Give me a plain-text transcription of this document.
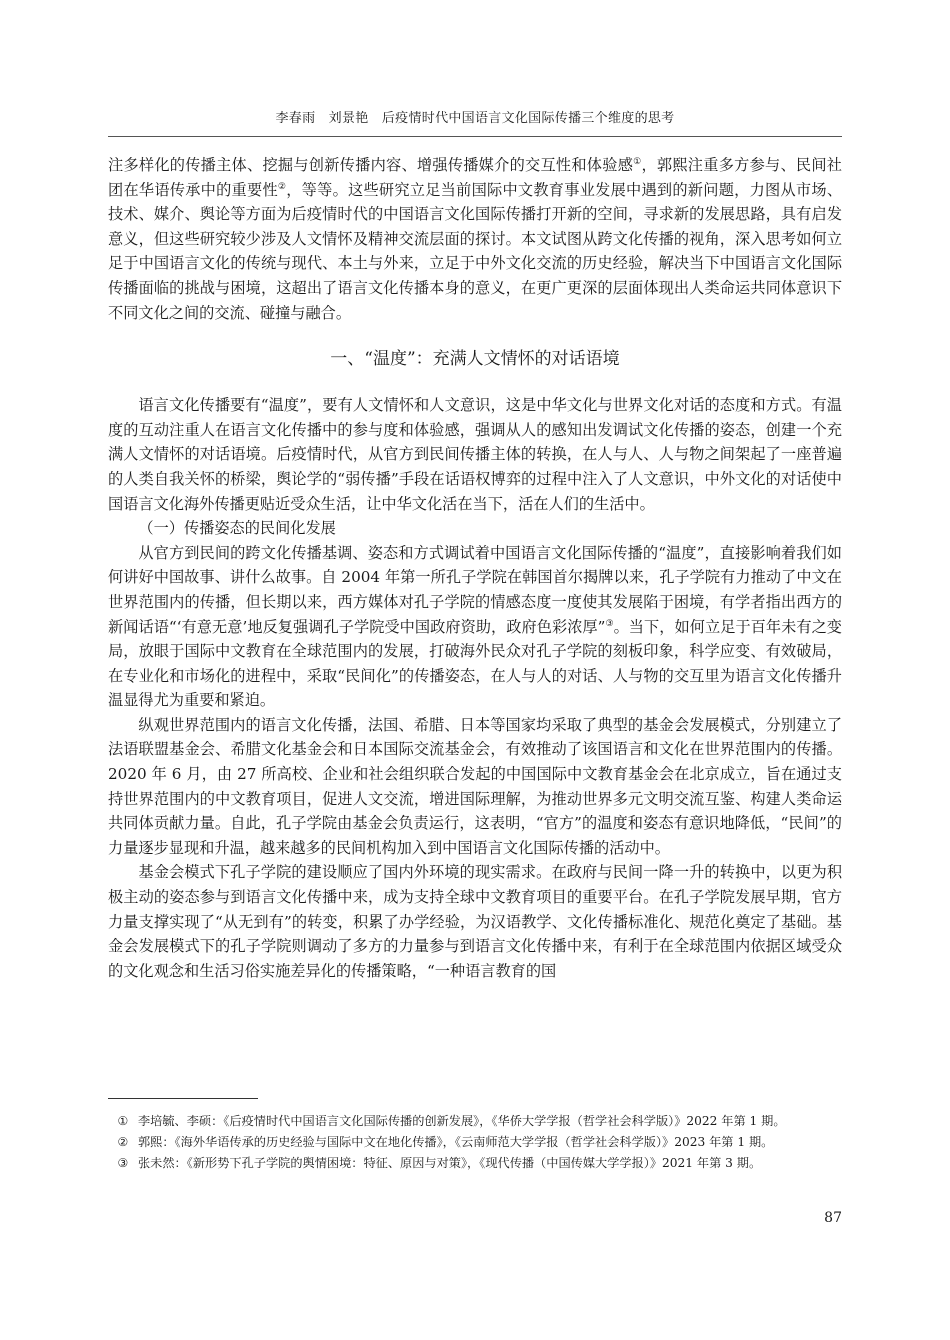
李春雨　刘景艳　后疫情时代中国语言文化国际传播三个维度的思考

注多样化的传播主体、挖掘与创新传播内容、增强传播媒介的交互性和体验感①，郭熙注重多方参与、民间社团在华语传承中的重要性②，等等。这些研究立足当前国际中文教育事业发展中遇到的新问题，力图从市场、技术、媒介、舆论等方面为后疫情时代的中国语言文化国际传播打开新的空间，寻求新的发展思路，具有启发意义，但这些研究较少涉及人文情怀及精神交流层面的探讨。本文试图从跨文化传播的视角，深入思考如何立足于中国语言文化的传统与现代、本土与外来，立足于中外文化交流的历史经验，解决当下中国语言文化国际传播面临的挑战与困境，这超出了语言文化传播本身的意义，在更广更深的层面体现出人类命运共同体意识下不同文化之间的交流、碰撞与融合。

一、“温度”：充满人文情怀的对话语境

语言文化传播要有“温度”，要有人文情怀和人文意识，这是中华文化与世界文化对话的态度和方式。有温度的互动注重人在语言文化传播中的参与度和体验感，强调从人的感知出发调试文化传播的姿态，创建一个充满人文情怀的对话语境。后疫情时代，从官方到民间传播主体的转换，在人与人、人与物之间架起了一座普遍的人类自我关怀的桥梁，舆论学的“弱传播”手段在话语权博弈的过程中注入了人文意识，中外文化的对话使中国语言文化海外传播更贴近受众生活，让中华文化活在当下，活在人们的生活中。

（一）传播姿态的民间化发展

从官方到民间的跨文化传播基调、姿态和方式调试着中国语言文化国际传播的“温度”，直接影响着我们如何讲好中国故事、讲什么故事。自 2004 年第一所孔子学院在韩国首尔揭牌以来，孔子学院有力推动了中文在世界范围内的传播，但长期以来，西方媒体对孔子学院的情感态度一度使其发展陷于困境，有学者指出西方的新闻话语“‘有意无意’地反复强调孔子学院受中国政府资助，政府色彩浓厚”③。当下，如何立足于百年未有之变局，放眼于国际中文教育在全球范围内的发展，打破海外民众对孔子学院的刻板印象，科学应变、有效破局，在专业化和市场化的进程中，采取“民间化”的传播姿态，在人与人的对话、人与物的交互里为语言文化传播升温显得尤为重要和紧迫。

纵观世界范围内的语言文化传播，法国、希腊、日本等国家均采取了典型的基金会发展模式，分别建立了法语联盟基金会、希腊文化基金会和日本国际交流基金会，有效推动了该国语言和文化在世界范围内的传播。2020 年 6 月，由 27 所高校、企业和社会组织联合发起的中国国际中文教育基金会在北京成立，旨在通过支持世界范围内的中文教育项目，促进人文交流，增进国际理解，为推动世界多元文明交流互鉴、构建人类命运共同体贡献力量。自此，孔子学院由基金会负责运行，这表明，“官方”的温度和姿态有意识地降低，“民间”的力量逐步显现和升温，越来越多的民间机构加入到中国语言文化国际传播的活动中。

基金会模式下孔子学院的建设顺应了国内外环境的现实需求。在政府与民间一降一升的转换中，以更为积极主动的姿态参与到语言文化传播中来，成为支持全球中文教育项目的重要平台。在孔子学院发展早期，官方力量支撑实现了“从无到有”的转变，积累了办学经验，为汉语教学、文化传播标准化、规范化奠定了基础。基金会发展模式下的孔子学院则调动了多方的力量参与到语言文化传播中来，有利于在全球范围内依据区域受众的文化观念和生活习俗实施差异化的传播策略，“一种语言教育的国

① 李培毓、李硕：《后疫情时代中国语言文化国际传播的创新发展》，《华侨大学学报（哲学社会科学版）》2022 年第 1 期。

② 郭熙：《海外华语传承的历史经验与国际中文在地化传播》，《云南师范大学学报（哲学社会科学版）》2023 年第 1 期。

③ 张未然：《新形势下孔子学院的舆情困境：特征、原因与对策》，《现代传播（中国传媒大学学报）》2021 年第 3 期。

87
